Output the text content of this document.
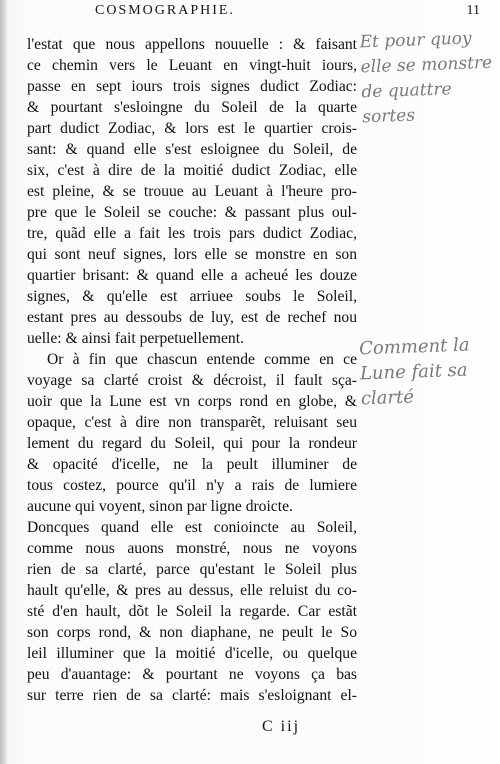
COSMOGRAPHIE.	11
l'estat que nous appellons nouuelle : & faisant
ce chemin vers le Leuant en vingt-huit iours,
passe en sept iours trois signes dudict Zodiac:
& pourtant s'esloingne du Soleil de la quarte
part dudict Zodiac, & lors est le quartier crois-
sant: & quand elle s'est esloignee du Soleil, de
six, c'est à dire de la moitié dudict Zodiac, elle
est pleine, & se trouue au Leuant à l'heure pro-
pre que le Soleil se couche: & passant plus oul-
tre, quãd elle a fait les trois pars dudict Zodiac,
qui sont neuf signes, lors elle se monstre en son
quartier brisant: & quand elle a acheué les douze
signes, & qu'elle est arriuee soubs le Soleil,
estant pres au dessoubs de luy, est de rechef nou
uelle: & ainsi fait perpetuellement.
Or à fin que chascun entende comme en ce
voyage sa clarté croist & décroist, il fault sça-
uoir que la Lune est vn corps rond en globe, &
opaque, c'est à dire non transparẽt, reluisant seu
lement du regard du Soleil, qui pour la rondeur
& opacité d'icelle, ne la peult illuminer de
tous costez, pource qu'il n'y a rais de lumiere
aucune qui voyent, sinon par ligne droicte.
Doncques quand elle est conioincte au Soleil,
comme nous auons monstré, nous ne voyons
rien de sa clarté, parce qu'estant le Soleil plus
hault qu'elle, & pres au dessus, elle reluist du co-
sté d'en hault, dõt le Soleil la regarde. Car estãt
son corps rond, & non diaphane, ne peult le So
leil illuminer que la moitié d'icelle, ou quelque
peu d'auantage: & pourtant ne voyons ça bas
sur terre rien de sa clarté: mais s'esloignant el-
C iij
Et pour quoy elle se monstre de quattre sortes
Comment la Lune fait sa clarté
